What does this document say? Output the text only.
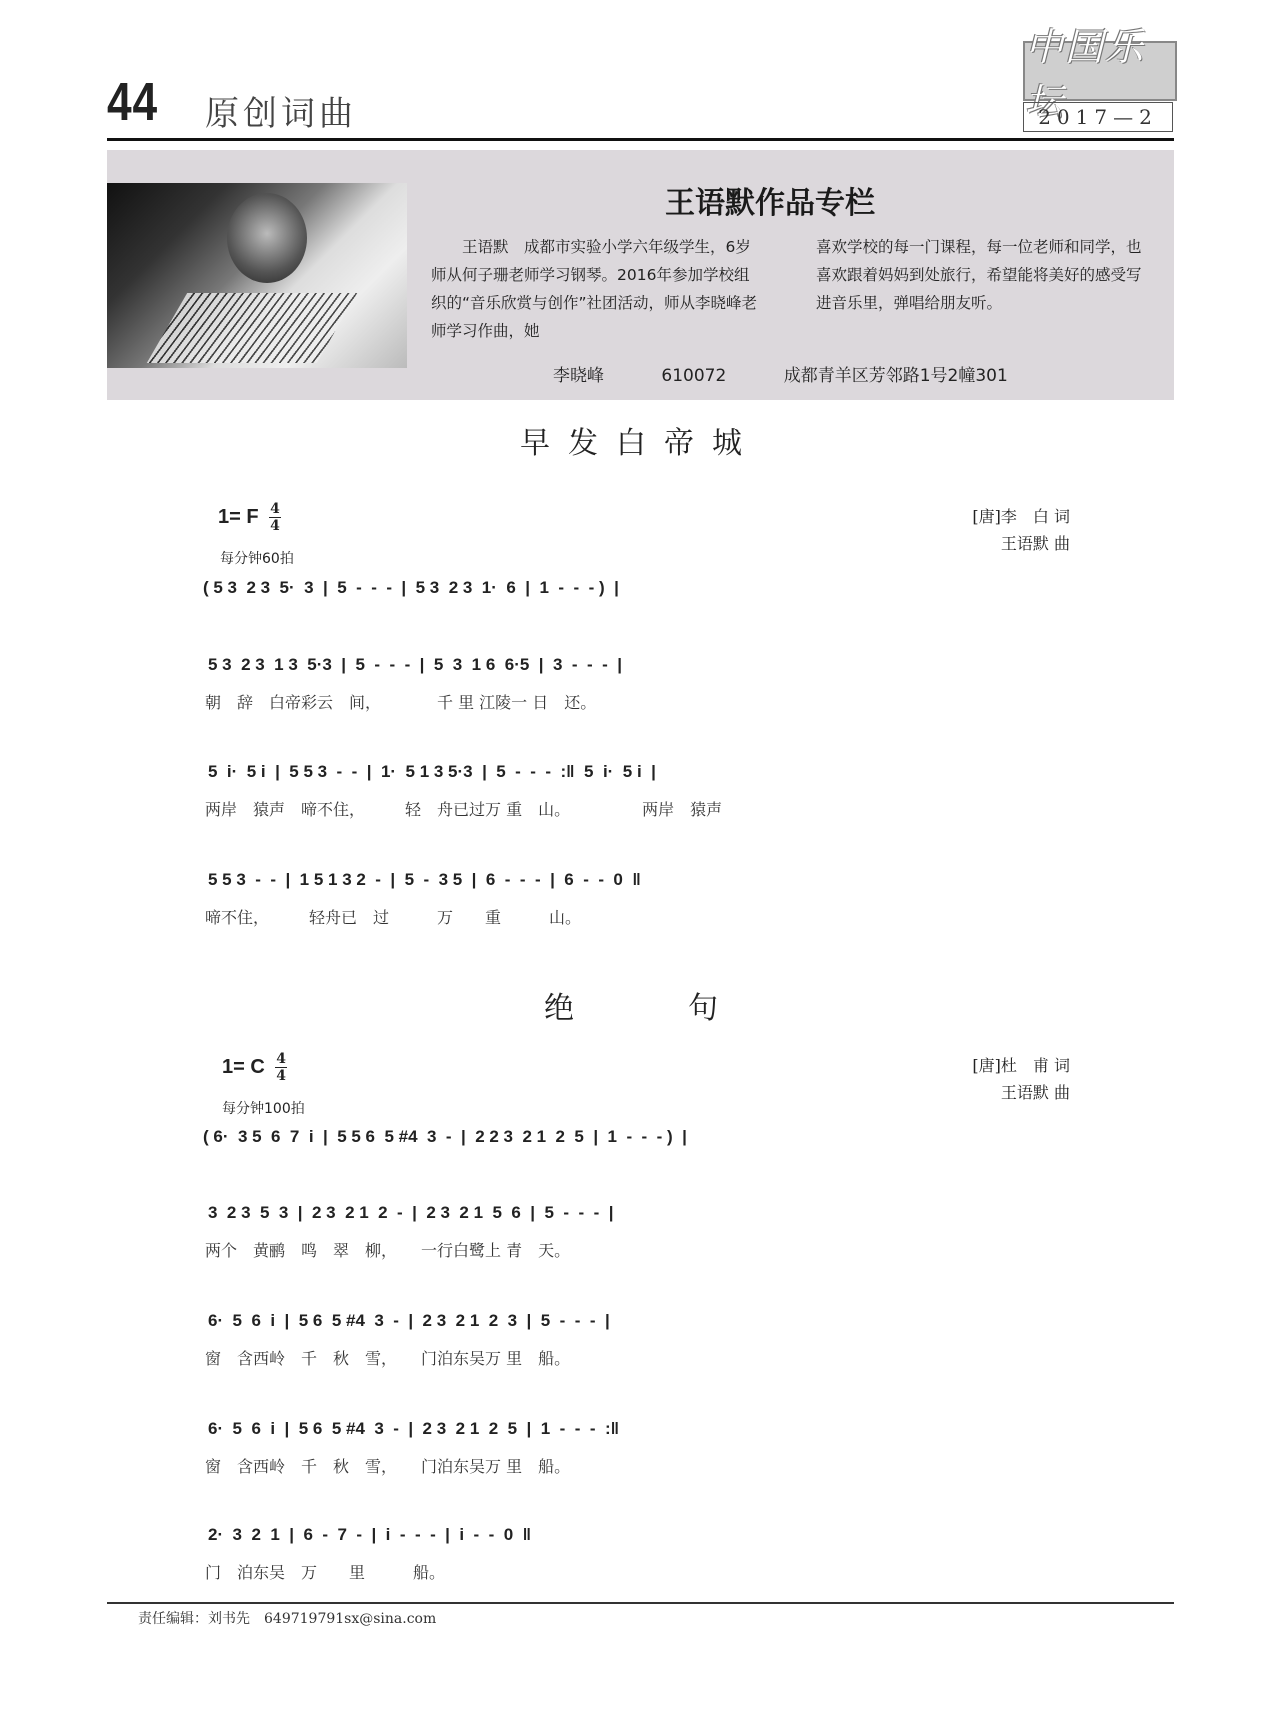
44 原创词曲
中国乐坛
2017—2
王语默作品专栏
　　王语默　成都市实验小学六年级学生，6岁师从何子珊老师学习钢琴。2016年参加学校组织的“音乐欣赏与创作”社团活动，师从李晓峰老师学习作曲，她
喜欢学校的每一门课程，每一位老师和同学，也喜欢跟着妈妈到处旅行，希望能将美好的感受写进音乐里，弹唱给朋友听。
李晓峰	610072	成都青羊区芳邻路1号2幢301
早发白帝城
1= F $\frac{4}{4}$
每分钟60拍
[唐]李　白 词
王语默 曲
( 5 3  2 3  5·  3  |  5  -  -  -  |  5 3  2 3  1·  6  |  1  -  -  - )  |
5 3  2 3  1 3  5·3  |  5  -  -  -  |  5  3  1 6  6·5  |  3  -  -  -  |
朝　辞　白帝彩云　间，　　　　千 里 江陵一 日　还。
5  i·  5 i  |  5 5 3  -  -  |  1·  5 1 3 5·3  |  5  -  -  -  :‖  5  i·  5 i  |
两岸　猿声　啼不住，　　　轻　舟已过万 重　山。　　　　　两岸　猿声
5 5 3  -  -  |  1 5 1 3 2  -  |  5  -  3 5  |  6  -  -  -  |  6  -  -  0  ‖
啼不住，　　　轻舟已　过　　　万　　重　　　山。
绝　　句
1= C $\frac{4}{4}$
每分钟100拍
[唐]杜　甫 词
王语默 曲
( 6·  3 5  6  7  i  |  5 5 6  5 #4  3  -  |  2 2 3  2 1  2  5  |  1  -  -  - )  |
3  2 3  5  3  |  2 3  2 1  2  -  |  2 3  2 1  5  6  |  5  -  -  -  |
两个　黄鹂　鸣　翠　柳，　　一行白鹭上 青　天。
6·  5  6  i  |  5 6  5 #4  3  -  |  2 3  2 1  2  3  |  5  -  -  -  |
窗　含西岭　千　秋　雪，　　门泊东吴万 里　船。
6·  5  6  i  |  5 6  5 #4  3  -  |  2 3  2 1  2  5  |  1  -  -  -  :‖
窗　含西岭　千　秋　雪，　　门泊东吴万 里　船。
2·  3  2  1  |  6  -  7  -  |  i  -  -  -  |  i  -  -  0  ‖
门　泊东吴　万　　里　　　船。
责任编辑：刘书先　649719791sx@sina.com
